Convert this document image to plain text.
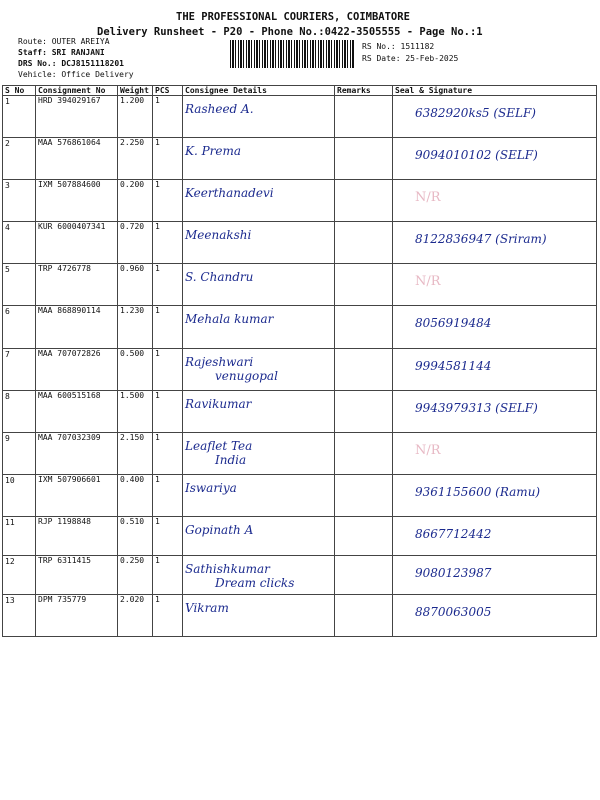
THE PROFESSIONAL COURIERS, COIMBATORE
Delivery Runsheet - P20 - Phone No.:0422-3505555 - Page No.:1
Route: OUTER AREIYA
Staff: SRI RANJANI
DRS No.: DCJ8151118201
Vehicle: Office Delivery
RS No.: 1511182
RS Date: 25-Feb-2025
S No	Consignment No	Weight	PCS	Consignee Details	Remarks	Seal & Signature
1	HRD 394029167	1.200	1	Rasheed A.		6382920ks5 (SELF)

2	MAA 576861064	2.250	1	K. Prema		9094010102 (SELF)

3	IXM 507884600	0.200	1	Keerthanadevi		N/R

4	KUR 6000407341	0.720	1	Meenakshi		8122836947 (Sriram)

5	TRP 4726778	0.960	1	S. Chandru		N/R

6	MAA 868890114	1.230	1	Mehala kumar		8056919484

7	MAA 707072826	0.500	1	Rajeshwari
venugopal		9994581144

8	MAA 600515168	1.500	1	Ravikumar		9943979313 (SELF)

9	MAA 707032309	2.150	1	Leaflet Tea
India		N/R

10	IXM 507906601	0.400	1	Iswariya		9361155600 (Ramu)

11	RJP 1198848	0.510	1	Gopinath A		8667712442

12	TRP 6311415	0.250	1	Sathishkumar
Dream clicks		9080123987

13	DPM 735779	2.020	1	Vikram		8870063005
